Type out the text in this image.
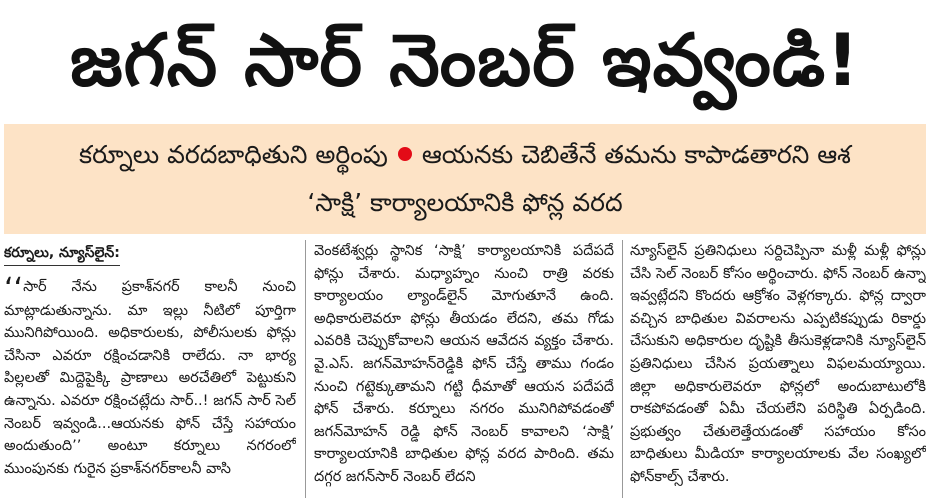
జగన్ సార్ నెంబర్ ఇవ్వండి!
కర్నూలు వరదబాధితుని అర్థింపు ఆయనకు చెబితేనే తమను కాపాడతారని ఆశ
‘సాక్షి’ కార్యాలయానికి ఫోన్ల వరద
కర్నూలు, న్యూస్‌లైన్:

‘‘సార్ నేను ప్రకాశ్‌నగర్ కాలనీ నుంచి మాట్లాడుతున్నాను. మా ఇల్లు నీటిలో పూర్తిగా మునిగిపోయింది. అధికారులకు, పోలీసులకు ఫోన్లు చేసినా ఎవరూ రక్షించడానికి రాలేదు. నా భార్య పిల్లలతో మిద్దెపైక్కి ప్రాణాలు అరచేతిలో పెట్టుకుని ఉన్నాను. ఎవరూ రక్షించట్లేదు సార్..! జగన్ సార్ సెల్ నెంబర్ ఇవ్వండి...ఆయనకు ఫోన్ చేస్తే సహాయం అందుతుంది’’ అంటూ కర్నూలు నగరంలో ముంపునకు గురైన ప్రకాశ్‌నగర్‌కాలనీ వాసి

వెంకటేశ్వర్లు స్థానిక ‘సాక్షి’ కార్యాలయానికి పదేపదే ఫోన్లు చేశారు. మధ్యాహ్నం నుంచి రాత్రి వరకు కార్యాలయం ల్యాండ్‌లైన్ మోగుతూనే ఉంది. అధికారులెవరూ ఫోన్లు తీయడం లేదని, తమ గోడు ఎవరికి చెప్పుకోవాలని ఆయన ఆవేదన వ్యక్తం చేశారు. వై.ఎస్. జగన్‌మోహన్‌రెడ్డికి ఫోన్ చేస్తే తాము గండం నుంచి గట్టెక్కుతామని గట్టి ధీమాతో ఆయన పదేపదే ఫోన్ చేశారు. కర్నూలు నగరం మునిగిపోవడంతో జగన్‌మోహన్ రెడ్డి ఫోన్ నెంబర్ కావాలని ‘సాక్షి’ కార్యాలయానికి బాధితుల ఫోన్ల వరద పారింది. తమ దగ్గర జగన్‌సార్ నెంబర్ లేదని

న్యూస్‌లైన్ ప్రతినిధులు సర్దిచెప్పినా మళ్లీ మళ్లీ ఫోన్లు చేసి సెల్ నెంబర్ కోసం అర్థించారు. ఫోన్ నెంబర్ ఉన్నా ఇవ్వట్లేదని కొందరు ఆక్రోశం వెళ్లగక్కారు. ఫోన్ల ద్వారా వచ్చిన బాధితుల వివరాలను ఎప్పటికప్పుడు రికార్డు చేసుకుని అధికారుల దృష్టికి తీసుకెళ్లడానికి న్యూస్‌లైన్ ప్రతినిధులు చేసిన ప్రయత్నాలు విఫలమయ్యాయి. జిల్లా అధికారులెవరూ ఫోన్లలో అందుబాటులోకి రాకపోవడంతో ఏమీ చేయలేని పరిస్థితి ఏర్పడింది. ప్రభుత్వం చేతులెత్తేయడంతో సహాయం కోసం బాధితులు మీడియా కార్యాలయాలకు వేల సంఖ్యలో ఫోన్‌కాల్స్ చేశారు.
